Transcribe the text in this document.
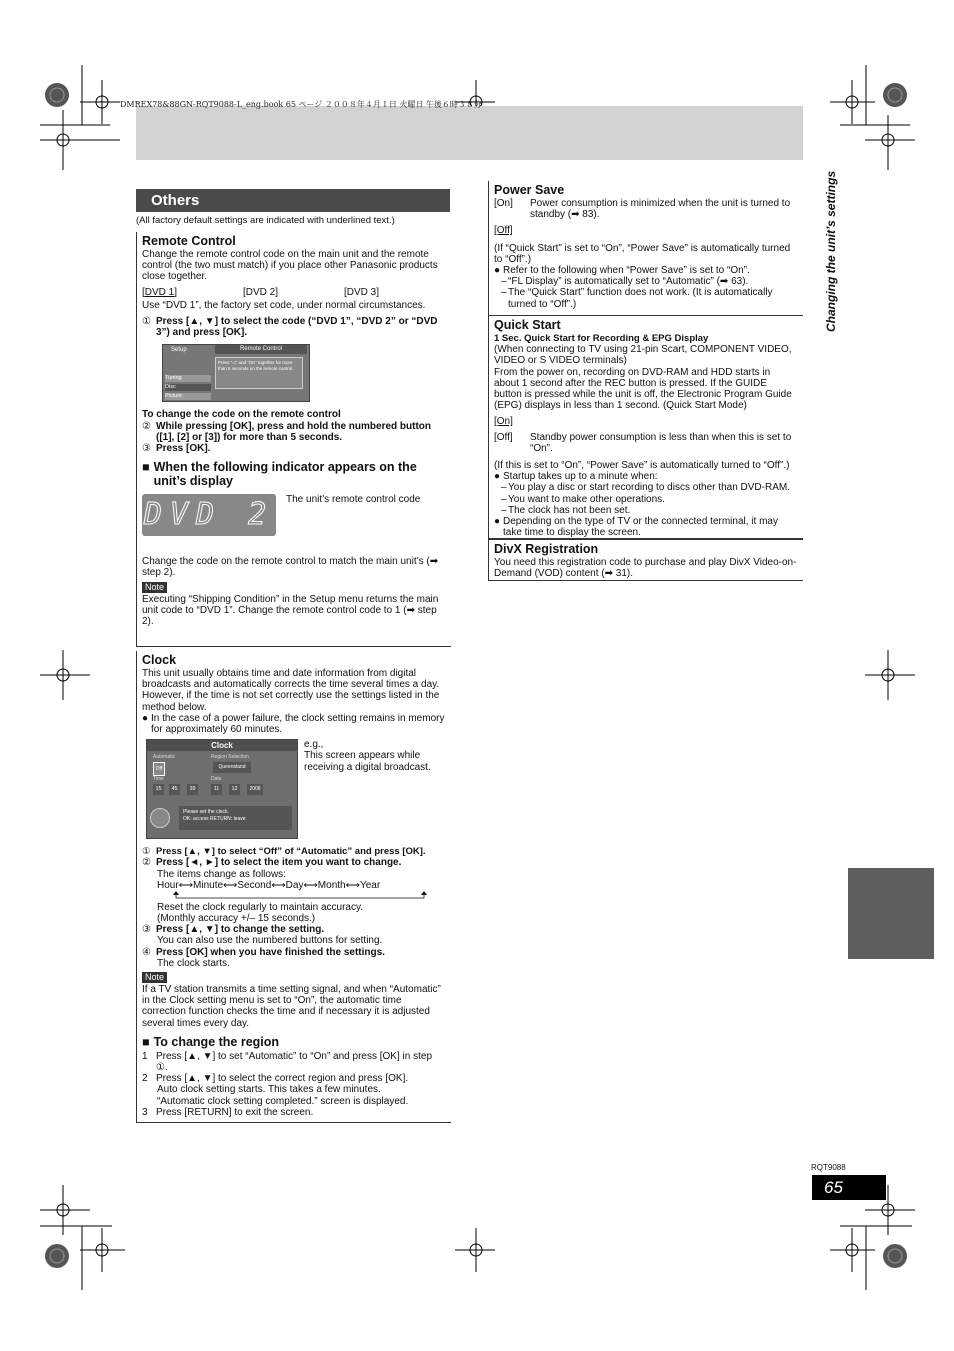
DMREX78&88GN-RQT9088-L_eng.book 65 ページ ２００８年４月１日 火曜日 午後６時３８分
Changing the unit’s settings
Others
(All factory default settings are indicated with underlined text.)
Remote Control

Change the remote control code on the main unit and the remote control (the two must match) if you place other Panasonic products close together.

[DVD 1]	[DVD 2]	[DVD 3]

Use “DVD 1”, the factory set code, under normal circumstances.

① Press [▲, ▼] to select the code (“DVD 1”, “DVD 2” or “DVD 3”) and press [OK].
Setup	Remote Control
Press “◁” and “OK” together for more than 5 seconds on the remote control.
Tuning
Disc
Picture

To change the code on the remote control

② While pressing [OK], press and hold the numbered button ([1], [2] or [3]) for more than 5 seconds.
③ Press [OK].
■ When the following indicator appears on the unit’s display
DVD 2 The unit’s remote control code

Change the code on the remote control to match the main unit’s (➡ step 2).

Note

Executing “Shipping Condition” in the Setup menu returns the main unit code to “DVD 1”. Change the remote control code to 1 (➡ step 2).

Clock

This unit usually obtains time and date information from digital broadcasts and automatically corrects the time several times a day. However, if the time is not set correctly use the settings listed in the method below.

● In the case of a power failure, the clock setting remains in memory for approximately 60 minutes.
Clock
Automatic
Off
Region Selection
Queensland
Time	Date
15	45	39	11	12	2008
Please set the clock.
OK: access RETURN: leave
e.g.,
This screen appears while receiving a digital broadcast.
① Press [▲, ▼] to select “Off” of “Automatic” and press [OK].
② Press [◄, ►] to select the item you want to change.
The items change as follows:
Hour⟷Minute⟷Second⟷Day⟷Month⟷Year
Reset the clock regularly to maintain accuracy.
(Monthly accuracy +/– 15 seconds.)
③ Press [▲, ▼] to change the setting.
You can also use the numbered buttons for setting.
④ Press [OK] when you have finished the settings.
The clock starts.
Note

If a TV station transmits a time setting signal, and when “Automatic” in the Clock setting menu is set to “On”, the automatic time correction function checks the time and if necessary it is adjusted several times every day.

■ To change the region
1 Press [▲, ▼] to set “Automatic” to “On” and press [OK] in step ①.
2 Press [▲, ▼] to select the correct region and press [OK].
Auto clock setting starts. This takes a few minutes.
“Automatic clock setting completed.” screen is displayed.
3 Press [RETURN] to exit the screen.
Power Save
[On]	Power consumption is minimized when the unit is turned to standby (➡ 83).
[Off]

(If “Quick Start” is set to “On”, “Power Save” is automatically turned to “Off”.)

● Refer to the following when “Power Save” is set to “On”.
– “FL Display” is automatically set to “Automatic” (➡ 63).
– The “Quick Start” function does not work. (It is automatically turned to “Off”.)
Quick Start

1 Sec. Quick Start for Recording & EPG Display

(When connecting to TV using 21-pin Scart, COMPONENT VIDEO, VIDEO or S VIDEO terminals)

From the power on, recording on DVD-RAM and HDD starts in about 1 second after the REC button is pressed. If the GUIDE button is pressed while the unit is off, the Electronic Program Guide (EPG) displays in less than 1 second. (Quick Start Mode)

[On]
[Off]	Standby power consumption is less than when this is set to “On”.

(If this is set to “On”, “Power Save” is automatically turned to “Off”.)

● Startup takes up to a minute when:
– You play a disc or start recording to discs other than DVD-RAM.
– You want to make other operations.
– The clock has not been set.
● Depending on the type of TV or the connected terminal, it may take time to display the screen.
DivX Registration

You need this registration code to purchase and play DivX Video-on-Demand (VOD) content (➡ 31).

RQT9088
65
